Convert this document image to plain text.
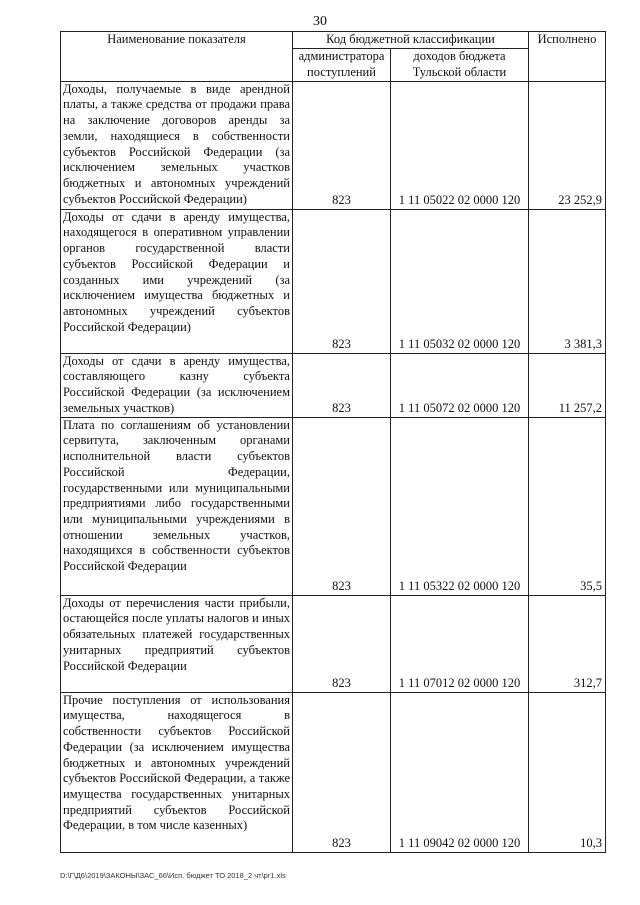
30
Наименование показателя	Код бюджетной классификации		Исполнено
	администратора поступлений	доходов бюджета Тульской области	
Доходы, получаемые в виде арендной платы, а также средства от продажи права на заключение договоров аренды за земли, находящиеся в собственности субъектов Российской Федерации (за исключением земельных участков бюджетных и автономных учреждений субъектов Российской Федерации)	823	1 11 05022 02 0000 120	23 252,9
Доходы от сдачи в аренду имущества, находящегося в оперативном управлении органов государственной власти субъектов Российской Федерации и созданных ими учреждений (за исключением имущества бюджетных и автономных учреждений субъектов Российской Федерации)	823	1 11 05032 02 0000 120	3 381,3
Доходы от сдачи в аренду имущества, составляющего казну субъекта Российской Федерации (за исключением земельных участков)	823	1 11 05072 02 0000 120	11 257,2
Плата по соглашениям об установлении сервитута, заключенным органами исполнительной власти субъектов Российской Федерации, государственными или муниципальными предприятиями либо государственными или муниципальными учреждениями в отношении земельных участков, находящихся в собственности субъектов Российской Федерации	823	1 11 05322 02 0000 120	35,5
Доходы от перечисления части прибыли, остающейся после уплаты налогов и иных обязательных платежей государственных унитарных предприятий субъектов Российской Федерации	823	1 11 07012 02 0000 120	312,7
Прочие поступления от использования имущества, находящегося в собственности субъектов Российской Федерации (за исключением имущества бюджетных и автономных учреждений субъектов Российской Федерации, а также имущества государственных унитарных предприятий субъектов Российской Федерации, в том числе казенных)	823	1 11 09042 02 0000 120	10,3
D:\Г\Д6\2019\ЗАКОНЫ\ЗАС_66\Исп. бюджет ТО 2018_2 чт\pr1.xls
